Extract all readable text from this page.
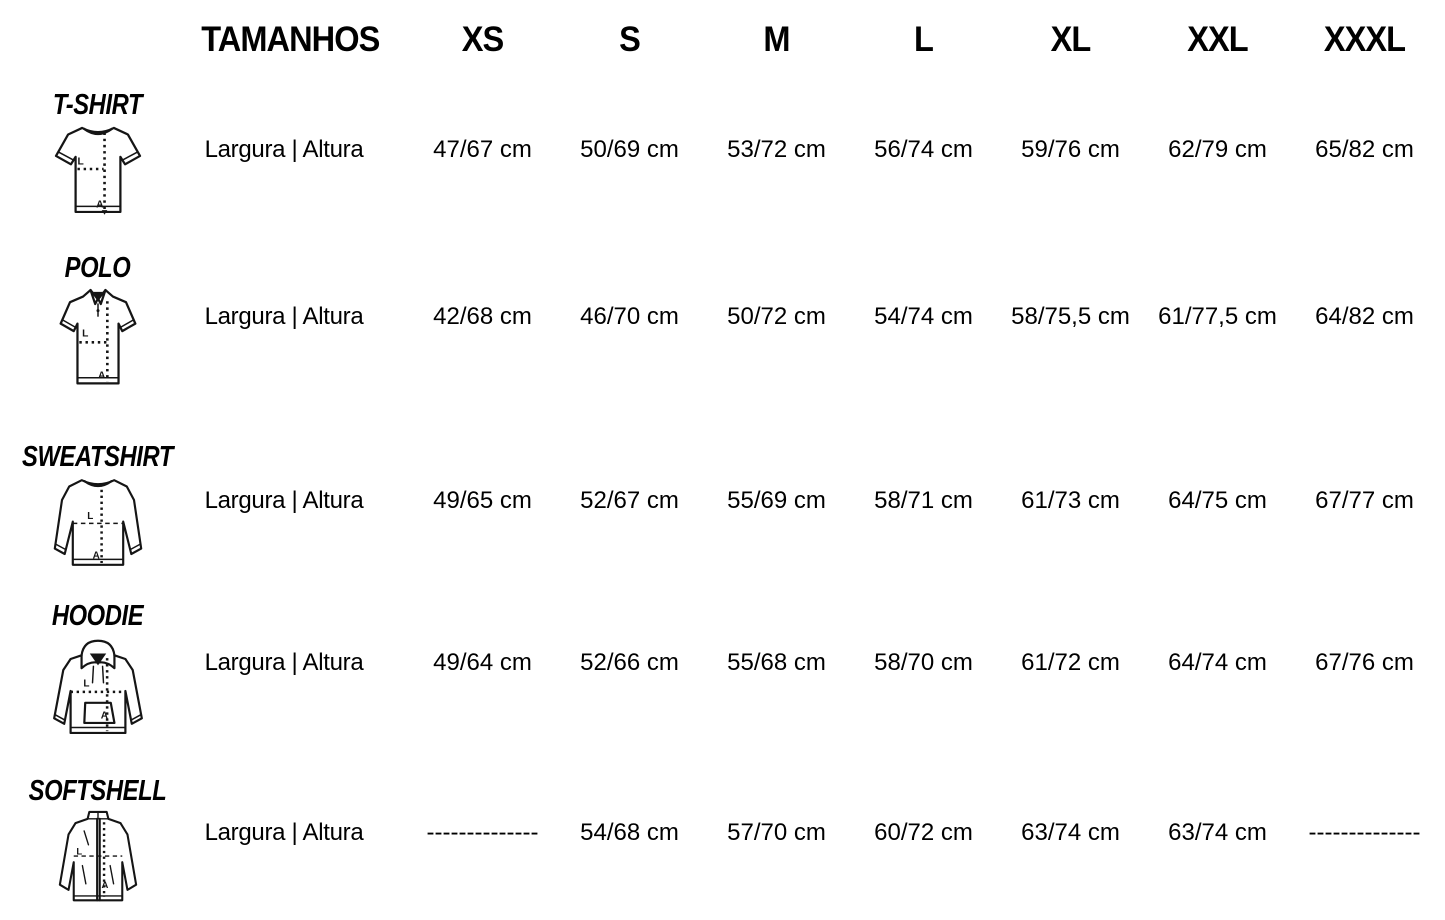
TAMANHOS	XS	S	M	L	XL	XXL	XXXL
T-SHIRT
L
A
Largura | Altura	47/67 cm	50/69 cm	53/72 cm	56/74 cm	59/76 cm	62/79 cm	65/82 cm
POLO
L
A
Largura | Altura	42/68 cm	46/70 cm	50/72 cm	54/74 cm	58/75,5 cm	61/77,5 cm	64/82 cm
SWEATSHIRT
L
A
Largura | Altura	49/65 cm	52/67 cm	55/69 cm	58/71 cm	61/73 cm	64/75 cm	67/77 cm
HOODIE
L
A
Largura | Altura	49/64 cm	52/66 cm	55/68 cm	58/70 cm	61/72 cm	64/74 cm	67/76 cm
SOFTSHELL
L
A
Largura | Altura	--------------	54/68 cm	57/70 cm	60/72 cm	63/74 cm	63/74 cm	--------------
